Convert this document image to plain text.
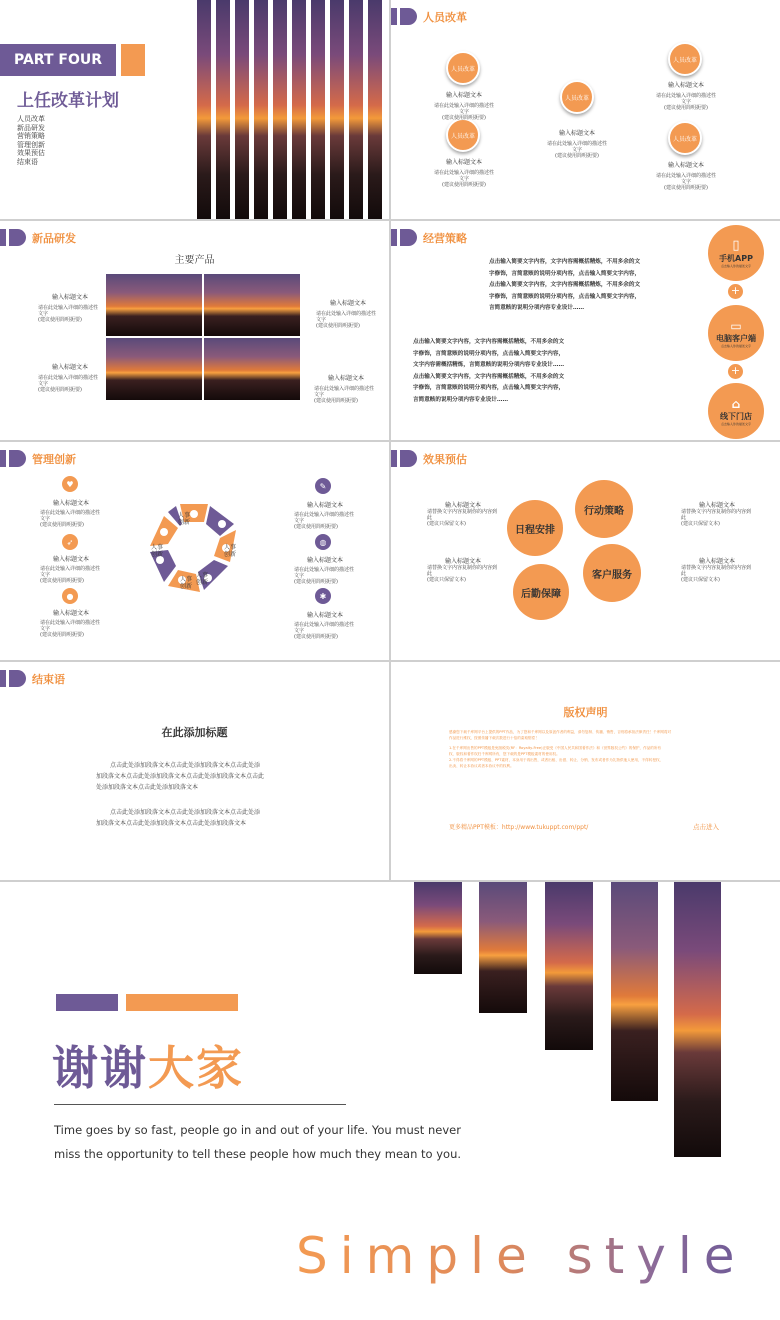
PART FOUR
上任改革计划
人员改革
新品研发
营销策略
管理创新
效果预估
结束语
人员改革
人员改革
人员改革
人员改革
人员改革	人员改革
输入标题文本
请在此处输入详细的描述性文字
(建议使用简明扼要)
输入标题文本
请在此处输入详细的描述性文字
(建议使用简明扼要)
输入标题文本
请在此处输入详细的描述性文字
(建议使用简明扼要)
输入标题文本
请在此处输入详细的描述性文字
(建议使用简明扼要)
输入标题文本
请在此处输入详细的描述性文字
(建议使用简明扼要)
新品研发
主要产品
输入标题文本
请在此处输入详细的描述性文字
(建议使用简明扼要)
输入标题文本
请在此处输入详细的描述性文字
(建议使用简明扼要)
输入标题文本
请在此处输入详细的描述性文字
(建议使用简明扼要)
输入标题文本
请在此处输入详细的描述性文字
(建议使用简明扼要)
经营策略
点击输入简要文字内容，文字内容需概括精炼，不用多余的文
字修饰，言简意赅的说明分项内容，点击输入简要文字内容，
点击输入简要文字内容，文字内容需概括精炼，不用多余的文
字修饰，言简意赅的说明分项内容，点击输入简要文字内容，
言简意赅的说明分项内容专业设计……
点击输入简要文字内容，文字内容需概括精炼，不用多余的文
字修饰，言简意赅的说明分项内容，点击输入简要文字内容，
文字内容需概括精炼，言简意赅的说明分项内容专业设计……
点击输入简要文字内容，文字内容需概括精炼，不用多余的文
字修饰，言简意赅的说明分项内容，点击输入简要文字内容，
言简意赅的说明分项内容专业设计……
▯
手机APP
点击输入你的描述文字
+
▭
电脑客户端
点击输入你的描述文字
+
⌂
线下门店
点击输入你的描述文字
管理创新
♥
➶
●
✎
◍
✱
输入标题文本
请在此处输入详细的描述性文字
(建议使用简明扼要)
输入标题文本
请在此处输入详细的描述性文字
(建议使用简明扼要)
输入标题文本
请在此处输入详细的描述性文字
(建议使用简明扼要)
输入标题文本
请在此处输入详细的描述性文字
(建议使用简明扼要)
输入标题文本
请在此处输入详细的描述性文字
(建议使用简明扼要)
输入标题文本
请在此处输入详细的描述性文字
(建议使用简明扼要)
人事创新
人事创新
人事创新
人事创新
人事创新
效果预估
日程安排
行动策略
客户服务
后勤保障
输入标题文本
请替换文字内容复制你的内容到
此
(建议只保留文本)
输入标题文本
请替换文字内容复制你的内容到
此
(建议只保留文本)
输入标题文本
请替换文字内容复制你的内容到此
(建议只保留文本)
输入标题文本
请替换文字内容复制你的内容到此
(建议只保留文本)
结束语
在此添加标题
点击此处添加段落文本点击此处添加段落文本点击此处添
加段落文本点击此处添加段落文本点击此处添加段落文本点击此
处添加段落文本点击此处添加段落文本
点击此处添加段落文本点击此处添加段落文本点击此处添
加段落文本点击此处添加段落文本点击此处添加段落文本
版权声明
感谢您下载千库网平台上提供的PPT作品，为了您和千库网以及原创作者的利益，请勿复制、传播、销售，否则将承担法律责任！千库网将对
作品进行维权，按照传播下载次数进行十倍的索取赔偿！
1.在千库网出售的PPT模板是免版税类(RF：Royalty-Free)正版受《中国人民共和国著作法》和《世界版权公约》的保护，作品的所有
权、版权和著作权归千库网所有，您下载的是PPT模板素材的使用权。
2.不得将千库网的PPT模板、PPT素材，本身用于再出售，或者出租、出借、转让、分销、发布或者作为礼物供他人使用，不得转授权、
出卖、转让本协议或者本协议中的权利。
更多精品PPT模板：http://www.tukuppt.com/ppt/	点击进入
谢谢大家
Time goes by so fast, people go in and out of your life. You must never
miss the opportunity to tell these people how much they mean to you.
Simple style
